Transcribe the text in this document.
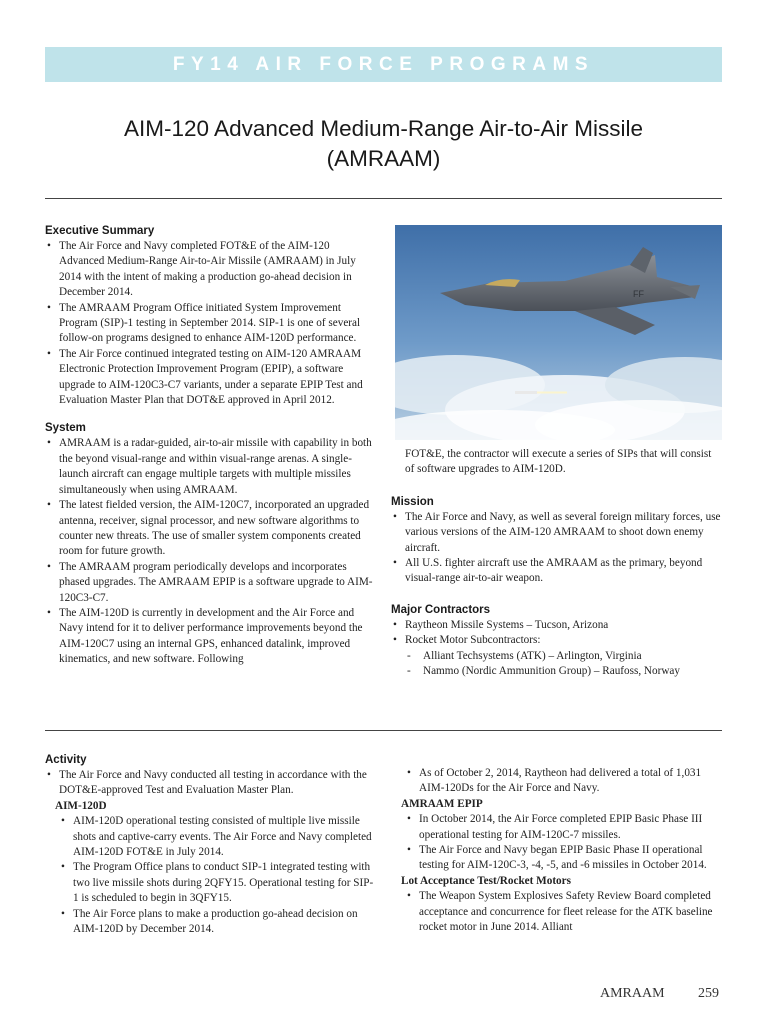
FY14 AIR FORCE PROGRAMS
AIM-120 Advanced Medium-Range Air-to-Air Missile
(AMRAAM)
Executive Summary
• The Air Force and Navy completed FOT&E of the AIM-120 Advanced Medium-Range Air-to-Air Missile (AMRAAM) in July 2014 with the intent of making a production go-ahead decision in December 2014.
• The AMRAAM Program Office initiated System Improvement Program (SIP)-1 testing in September 2014. SIP-1 is one of several follow-on programs designed to enhance AIM-120D performance.
• The Air Force continued integrated testing on AIM-120 AMRAAM Electronic Protection Improvement Program (EPIP), a software upgrade to AIM-120C3-C7 variants, under a separate EPIP Test and Evaluation Master Plan that DOT&E approved in April 2012.
System
• AMRAAM is a radar-guided, air-to-air missile with capability in both the beyond visual-range and within visual-range arenas. A single-launch aircraft can engage multiple targets with multiple missiles simultaneously when using AMRAAM.
• The latest fielded version, the AIM-120C7, incorporated an upgraded antenna, receiver, signal processor, and new software algorithms to counter new threats. The use of smaller system components created room for future growth.
• The AMRAAM program periodically develops and incorporates phased upgrades. The AMRAAM EPIP is a software upgrade to AIM-120C3-C7.
• The AIM-120D is currently in development and the Air Force and Navy intend for it to deliver performance improvements beyond the AIM-120C7 using an internal GPS, enhanced datalink, improved kinematics, and new software. Following
FF

FOT&E, the contractor will execute a series of SIPs that will consist of software upgrades to AIM-120D.

Mission
• The Air Force and Navy, as well as several foreign military forces, use various versions of the AIM-120 AMRAAM to shoot down enemy aircraft.
• All U.S. fighter aircraft use the AMRAAM as the primary, beyond visual-range air-to-air weapon.
Major Contractors
• Raytheon Missile Systems – Tucson, Arizona
• Rocket Motor Subcontractors:
- Alliant Techsystems (ATK) – Arlington, Virginia
- Nammo (Nordic Ammunition Group) – Raufoss, Norway
Activity
• The Air Force and Navy conducted all testing in accordance with the DOT&E-approved Test and Evaluation Master Plan.
AIM-120D
• AIM-120D operational testing consisted of multiple live missile shots and captive-carry events. The Air Force and Navy completed AIM-120D FOT&E in July 2014.
• The Program Office plans to conduct SIP-1 integrated testing with two live missile shots during 2QFY15. Operational testing for SIP-1 is scheduled to begin in 3QFY15.
• The Air Force plans to make a production go-ahead decision on AIM-120D by December 2014.
• As of October 2, 2014, Raytheon had delivered a total of 1,031 AIM-120Ds for the Air Force and Navy.
AMRAAM EPIP
• In October 2014, the Air Force completed EPIP Basic Phase III operational testing for AIM-120C-7 missiles.
• The Air Force and Navy began EPIP Basic Phase II operational testing for AIM-120C-3, -4, -5, and -6 missiles in October 2014.
Lot Acceptance Test/Rocket Motors
• The Weapon System Explosives Safety Review Board completed acceptance and concurrence for fleet release for the ATK baseline rocket motor in June 2014. Alliant
AMRAAM 259
